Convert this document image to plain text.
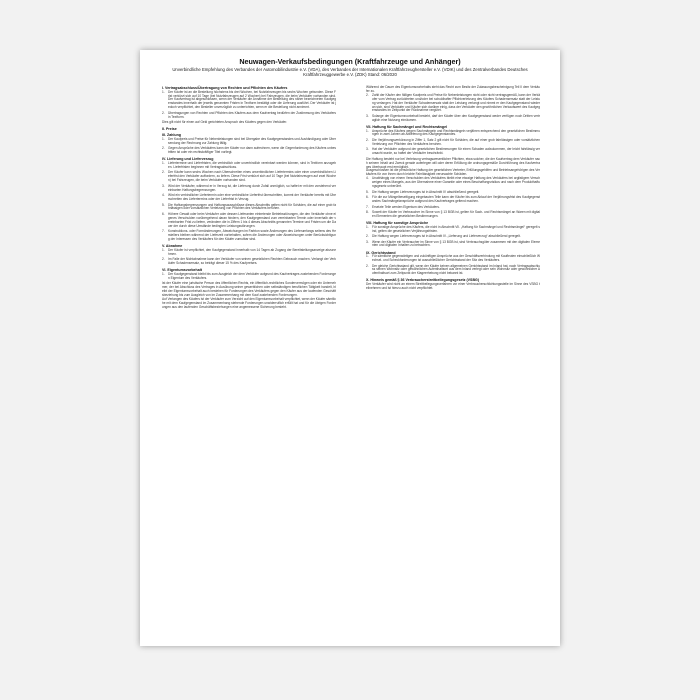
Neuwagen-Verkaufsbedingungen (Kraftfahrzeuge und Anhänger)
Unverbindliche Empfehlung des Verbandes der Automobilindustrie e.V. (VDA), des Verbandes der Internationalen Kraftfahrzeughersteller e.V. (VDIK) und des Zentralverbandes Deutsches Kraftfahrzeuggewerbe e.V. (ZDK) Stand: 06/2020
I. Vertragsabschluss/Übertragung von Rechten und Pflichten des Käufers
1. Der Käufer ist an die Bestellung höchstens bis drei Wochen, bei Nutzfahrzeugen bis sechs Wochen gebunden. Diese Frist verkürzt sich auf 10 Tage (bei Nutzfahrzeugen auf 2 Wochen) bei Fahrzeugen, die beim Verkäufer vorhanden sind. Der Kaufvertrag ist abgeschlossen, wenn der Verkäufer die Annahme der Bestellung des näher bezeichneten Kaufgegenstandes innerhalb der jeweils genannten Fristen in Textform bestätigt oder die Lieferung ausführt. Der Verkäufer ist jedoch verpflichtet, den Besteller unverzüglich zu unterrichten, wenn er die Bestellung nicht annimmt.
2. Übertragungen von Rechten und Pflichten des Käufers aus dem Kaufvertrag bedürfen der Zustimmung des Verkäufers in Textform.
Dies gilt nicht für einen auf Geld gerichteten Anspruch des Käufers gegen den Verkäufer.
II. Preise
III. Zahlung
1. Der Kaufpreis und Preise für Nebenleistungen sind bei Übergabe des Kaufgegenstandes und Aushändigung oder Übersendung der Rechnung zur Zahlung fällig.
2. Gegen Ansprüche des Verkäufers kann der Käufer nur dann aufrechnen, wenn die Gegenforderung des Käufers unbestritten ist oder ein rechtskräftiger Titel vorliegt.
IV. Lieferung und Lieferverzug
1. Liefertermine und Lieferfristen, die verbindlich oder unverbindlich vereinbart werden können, sind in Textform anzugeben. Lieferfristen beginnen mit Vertragsabschluss.
2. Der Käufer kann sechs Wochen nach Überschreiten eines unverbindlichen Liefertermins oder einer unverbindlichen Lieferfrist den Verkäufer auffordern, zu liefern. Diese Frist verkürzt sich auf 10 Tage (bei Nutzfahrzeugen auf zwei Wochen) bei Fahrzeugen, die beim Verkäufer vorhanden sind.
3. Wird der Verkäufer, während er in Verzug ist, die Lieferung durch Zufall unmöglich, so haftet er mit den vorstehend vereinbarten Haftungsbegrenzungen.
4. Wird ein verbindlicher Liefertermin oder eine verbindliche Lieferfrist überschritten, kommt der Verkäufer bereits mit Überschreiten des Liefertermins oder der Lieferfrist in Verzug.
5. Die Haftungsbegrenzungen und Haftungsausschlüsse dieses Abschnitts gelten nicht für Schäden, die auf einer grob fahrlässigen oder vorsätzlichen Verletzung von Pflichten des Verkäufers beruhen.
6. Höhere Gewalt oder beim Verkäufer oder dessen Lieferanten eintretende Betriebsstörungen, die den Verkäufer ohne eigenes Verschulden vorübergehend daran hindern, den Kaufgegenstand zum vereinbarten Termin oder innerhalb der vereinbarten Frist zu liefern, verändern die in Ziffern 1 bis 4 dieses Abschnitts genannten Termine und Fristen um die Dauer der durch diese Umstände bedingten Leistungsstörungen.
7. Konstruktions- oder Formänderungen, Abweichungen im Farbton sowie Änderungen des Lieferumfangs seitens des Herstellers bleiben während der Lieferzeit vorbehalten, sofern die Änderungen oder Abweichungen unter Berücksichtigung der Interessen des Verkäufers für den Käufer zumutbar sind.
V. Abnahme
1. Der Käufer ist verpflichtet, den Kaufgegenstand innerhalb von 14 Tagen ab Zugang der Bereitstellungsanzeige abzunehmen.
2. Im Falle der Nichtabnahme kann der Verkäufer von seinen gesetzlichen Rechten Gebrauch machen. Verlangt der Verkäufer Schadensersatz, so beträgt dieser 15 % des Kaufpreises.
VI. Eigentumsvorbehalt
1. Der Kaufgegenstand bleibt bis zum Ausgleich der dem Verkäufer aufgrund des Kaufvertrages zustehenden Forderungen Eigentum des Verkäufers.
Ist der Käufer eine juristische Person des öffentlichen Rechts, ein öffentlich-rechtliches Sondervermögen oder ein Unternehmer, der bei Abschluss des Vertrages in Ausübung seiner gewerblichen oder selbständigen beruflichen Tätigkeit handelt, bleibt der Eigentumsvorbehalt auch bestehen für Forderungen des Verkäufers gegen den Käufer aus der laufenden Geschäftsbeziehung bis zum Ausgleich von im Zusammenhang mit dem Kauf zustehenden Forderungen.
Auf Verlangen des Käufers ist der Verkäufer zum Verzicht auf den Eigentumsvorbehalt verpflichtet, wenn der Käufer sämtliche mit dem Kaufgegenstand im Zusammenhang stehende Forderungen unwiderruflich erfüllt hat und für die übrigen Forderungen aus den laufenden Geschäftsbeziehungen eine angemessene Sicherung besteht.
Während der Dauer des Eigentumsvorbehalts steht das Recht zum Besitz der Zulassungsbescheinigung Teil II dem Verkäufer zu.
2. Zahlt der Käufer den fälligen Kaufpreis und Preise für Nebenleistungen nicht oder nicht vertragsgemäß, kann der Verkäufer vom Vertrag zurücktreten und/oder bei schuldhafter Pflichtverletzung des Käufers Schadensersatz statt der Leistung verlangen. Hat der Verkäufer Schadensersatz statt der Leistung verlangt und nimmt er den Kaufgegenstand wieder an sich, sind Verkäufer und Käufer sich darüber einig, dass der Verkäufer den gewöhnlichen Verkaufswert des Kaufgegenstandes im Zeitpunkt der Rücknahme vergütet.
3. Solange der Eigentumsvorbehalt besteht, darf der Käufer über den Kaufgegenstand weder verfügen noch Dritten vertraglich eine Nutzung einräumen.
VII. Haftung für Sachmängel und Rechtsmängel
1. Ansprüche des Käufers wegen Sachmängeln und Rechtsmängeln verjähren entsprechend den gesetzlichen Bestimmungen in zwei Jahren ab Ablieferung des Kaufgegenstandes.
2. Die Verjährungsverkürzung in Ziffer 1, Satz 2 gilt nicht für Schäden, die auf einer grob fahrlässigen oder vorsätzlichen Verletzung von Pflichten des Verkäufers beruhen.
3. Hat der Verkäufer aufgrund der gesetzlichen Bestimmungen für einen Schaden aufzukommen, der leicht fahrlässig verursacht wurde, so haftet der Verkäufer beschränkt.
Die Haftung besteht nur bei Verletzung vertragswesentlicher Pflichten, etwa solcher, die der Kaufvertrag dem Verkäufer nach seinem Inhalt und Zweck gerade auferlegen will oder deren Erfüllung die ordnungsgemäße Durchführung des Kaufvertrages überhaupt erst ermöglicht.
Ausgeschlossen ist die persönliche Haftung der gesetzlichen Vertreter, Erfüllungsgehilfen und Betriebsangehörigen des Verkäufers für von ihnen durch leichte Fahrlässigkeit verursachte Schäden.
4. Unabhängig von einem Verschulden des Verkäufers bleibt eine etwaige Haftung des Verkäufers bei arglistigem Verschweigen eines Mangels, aus der Übernahme einer Garantie oder eines Beschaffungsrisikos und nach dem Produkthaftungsgesetz unberührt.
5. Die Haftung wegen Lieferverzuges ist in Abschnitt IV abschließend geregelt.
6. Für die zur Mängelbeseitigung eingebauten Teile kann der Käufer bis zum Ablauf der Verjährungsfrist des Kaufgegenstandes Sachmängelansprüche aufgrund des Kaufvertrages geltend machen.
7. Ersetzte Teile werden Eigentum des Verkäufers.
8. Soweit der Käufer im Verbraucher im Sinne von § 13 BGB ist, gelten für Sach- und Rechtsmängel an Waren mit digitalen Elementen die gesetzlichen Bestimmungen.
VIII. Haftung für sonstige Ansprüche
1. Für sonstige Ansprüche des Käufers, die nicht in Abschnitt VII. „Haftung für Sachmängel und Rechtsmängel“ geregelt sind, gelten die gesetzlichen Verjährungsfristen.
2. Die Haftung wegen Lieferverzuges ist in Abschnitt IV. „Lieferung und Lieferverzug“ abschließend geregelt.
3. Wenn der Käufer ein Verbraucher im Sinne von § 13 BGB ist, sind Verbrauchsgüter zusammen mit den digitalen Elementen und digitalen Inhalten zu betrachten.
IX. Gerichtsstand
1. Für sämtliche gegenwärtigen und zukünftigen Ansprüche aus der Geschäftsverbindung mit Kaufleuten einschließlich Wechsel- und Scheckforderungen ist ausschließlicher Gerichtsstand der Sitz des Verkäufers.
2. Der gleiche Gerichtsstand gilt, wenn der Käufer keinen allgemeinen Gerichtsstand im Inland hat, nach Vertragsabschluss seinen Wohnsitz oder gewöhnlichen Aufenthaltsort aus dem Inland verlegt oder sein Wohnsitz oder gewöhnlicher Aufenthaltsort zum Zeitpunkt der Klageerhebung nicht bekannt ist.
X. Hinweis gemäß § 36 Verbraucherstreitbeilegungsgesetz (VSBG)
Der Verkäufer wird nicht an einem Streitbeilegungsverfahren vor einer Verbraucherschlichtungsstelle im Sinne des VSBG teilnehmen und ist hierzu auch nicht verpflichtet.
